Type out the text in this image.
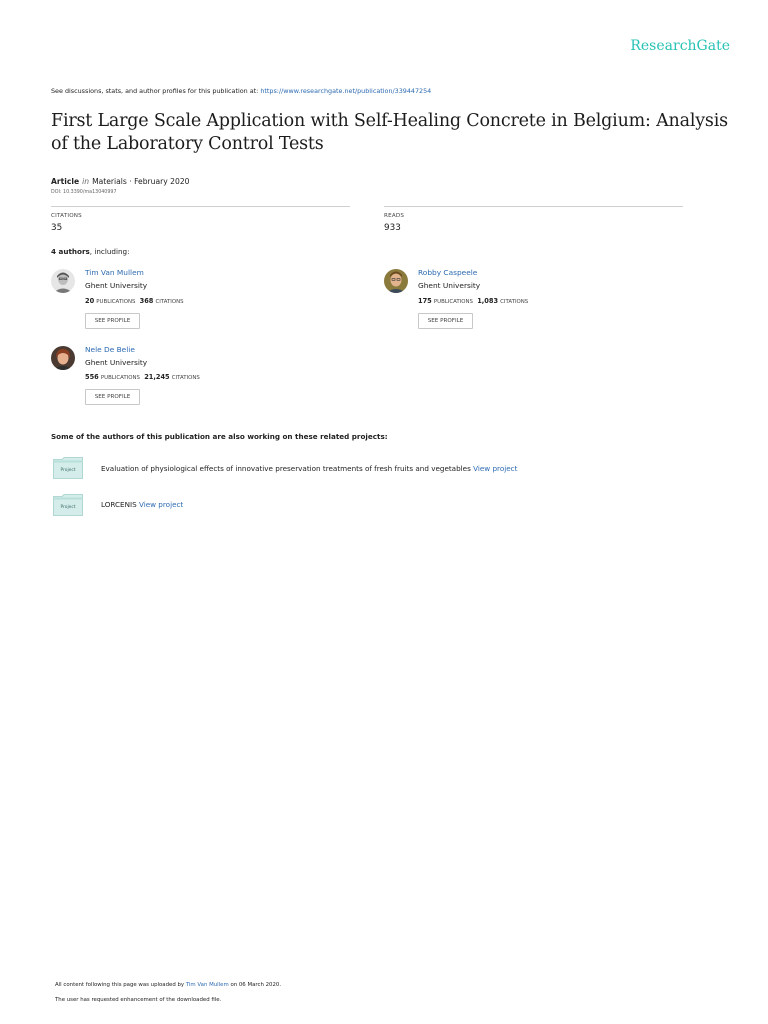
ResearchGate
See discussions, stats, and author profiles for this publication at: https://www.researchgate.net/publication/339447254
First Large Scale Application with Self-Healing Concrete in Belgium: Analysis of the Laboratory Control Tests
Article in Materials · February 2020
DOI: 10.3390/ma13040997
CITATIONS
35
READS
933
4 authors, including:
Tim Van Mullem
Ghent University
20 PUBLICATIONS 368 CITATIONS
SEE PROFILE
Robby Caspeele
Ghent University
175 PUBLICATIONS 1,083 CITATIONS
SEE PROFILE
Nele De Belie
Ghent University
556 PUBLICATIONS 21,245 CITATIONS
SEE PROFILE
Some of the authors of this publication are also working on these related projects:
Project	Evaluation of physiological effects of innovative preservation treatments of fresh fruits and vegetables View project
Project	LORCENIS View project
All content following this page was uploaded by Tim Van Mullem on 06 March 2020.
The user has requested enhancement of the downloaded file.
